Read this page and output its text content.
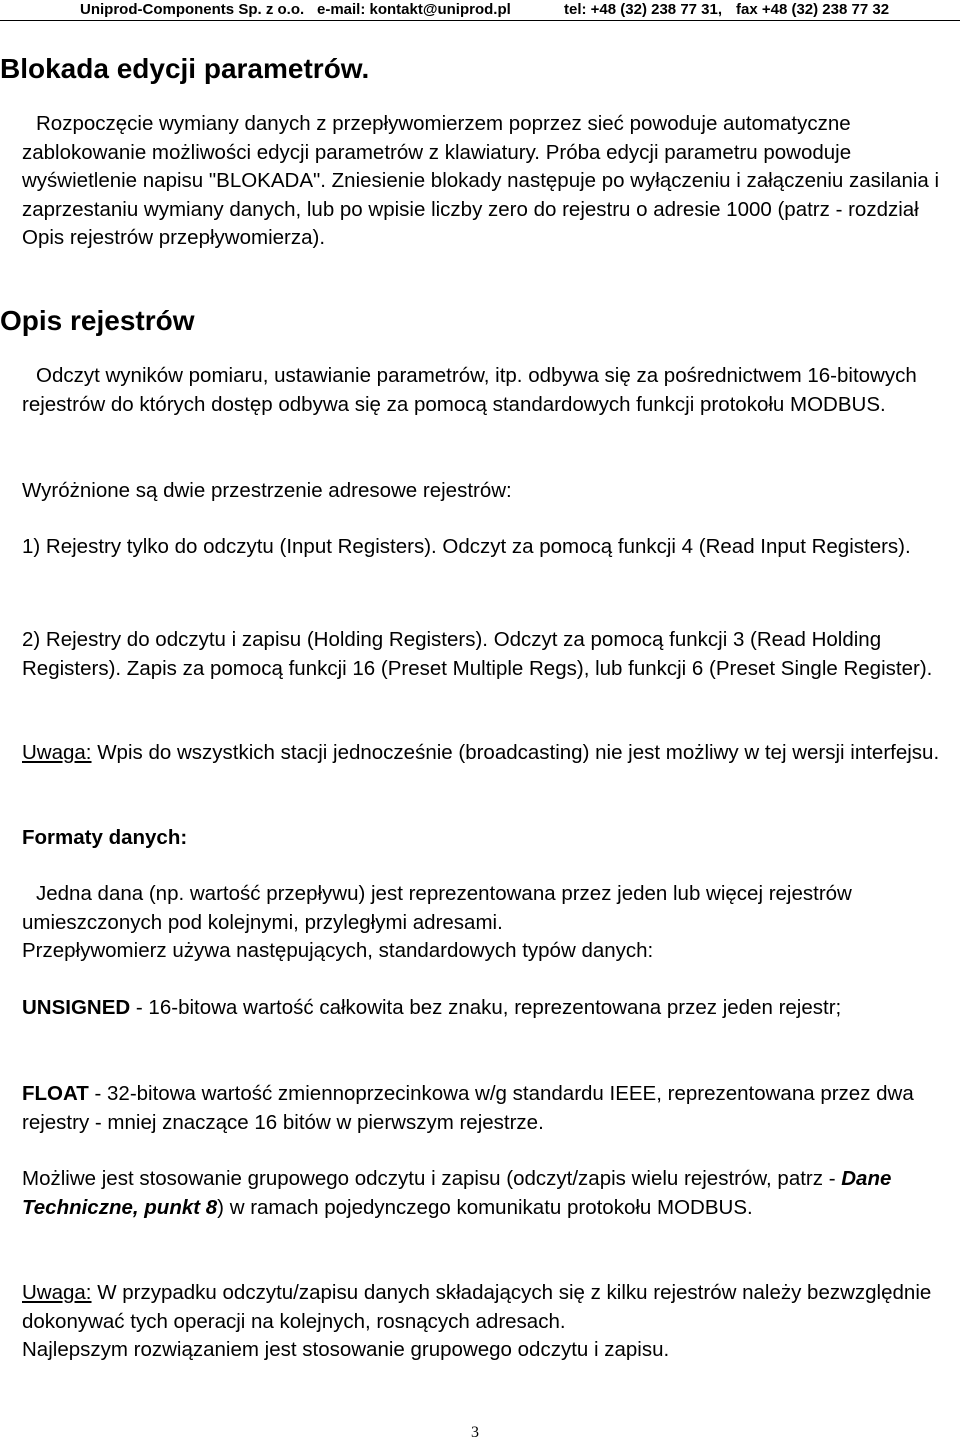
Uniprod-Components Sp. z o.o. e-mail: kontakt@uniprod.pl	tel: +48 (32) 238 77 31, fax +48 (32) 238 77 32
Blokada edycji parametrów.

Rozpoczęcie wymiany danych z przepływomierzem poprzez sieć powoduje automatyczne zablokowanie możliwości edycji parametrów z klawiatury. Próba edycji parametru powoduje wyświetlenie napisu "BLOKADA". Zniesienie blokady następuje po wyłączeniu i załączeniu zasilania i zaprzestaniu wymiany danych, lub po wpisie liczby zero do rejestru o adresie 1000 (patrz - rozdział Opis rejestrów przepływomierza).

Opis rejestrów

Odczyt wyników pomiaru, ustawianie parametrów, itp. odbywa się za pośrednictwem 16-bitowych rejestrów do których dostęp odbywa się za pomocą standardowych funkcji protokołu MODBUS.

Wyróżnione są dwie przestrzenie adresowe rejestrów:

1) Rejestry tylko do odczytu (Input Registers). Odczyt za pomocą funkcji 4 (Read Input Registers).

2) Rejestry do odczytu i zapisu (Holding Registers). Odczyt za pomocą funkcji 3 (Read Holding Registers). Zapis za pomocą funkcji 16 (Preset Multiple Regs), lub funkcji 6 (Preset Single Register).

Uwaga: Wpis do wszystkich stacji jednocześnie (broadcasting) nie jest możliwy w tej wersji interfejsu.

Formaty danych:

Jedna dana (np. wartość przepływu) jest reprezentowana przez jeden lub więcej rejestrów umieszczonych pod kolejnymi, przyległymi adresami.
Przepływomierz używa następujących, standardowych typów danych:

UNSIGNED - 16-bitowa wartość całkowita bez znaku, reprezentowana przez jeden rejestr;

FLOAT - 32-bitowa wartość zmiennoprzecinkowa w/g standardu IEEE, reprezentowana przez dwa rejestry - mniej znaczące 16 bitów w pierwszym rejestrze.

Możliwe jest stosowanie grupowego odczytu i zapisu (odczyt/zapis wielu rejestrów, patrz - Dane Techniczne, punkt 8) w ramach pojedynczego komunikatu protokołu MODBUS.

Uwaga: W przypadku odczytu/zapisu danych składających się z kilku rejestrów należy bezwzględnie dokonywać tych operacji na kolejnych, rosnących adresach.
Najlepszym rozwiązaniem jest stosowanie grupowego odczytu i zapisu.

3
